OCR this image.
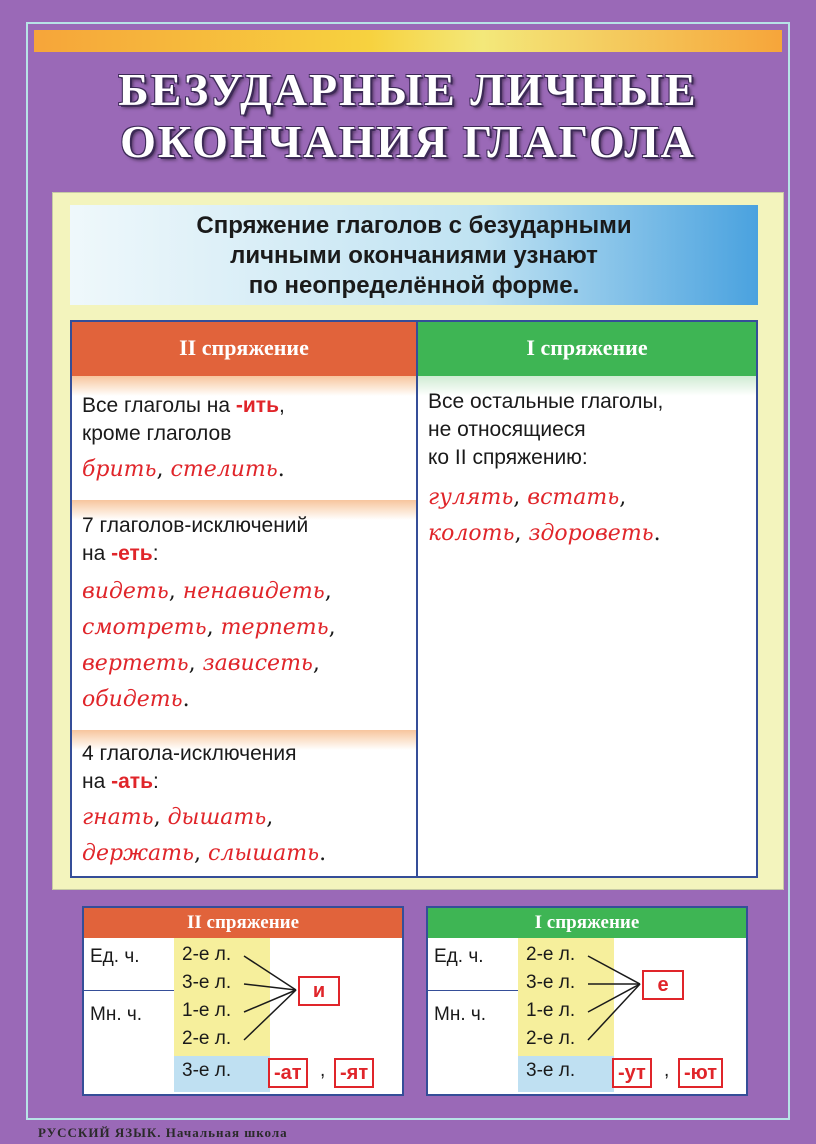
БЕЗУДАРНЫЕ ЛИЧНЫЕ
ОКОНЧАНИЯ ГЛАГОЛА
Спряжение глаголов с безударными
личными окончаниями узнают
по неопределённой форме.
II спряжение	I спряжение
Все глаголы на -ить,
кроме глаголов
брить, стелить.
7 глаголов-исключений
на -еть:
видеть, ненавидеть,
смотреть, терпеть,
вертеть, зависеть,
обидеть.
4 глагола-исключения
на -ать:
гнать, дышать,
держать, слышать.
Все остальные глаголы,
не относящиеся
ко II спряжению:
гулять, встать,
колоть, здороветь.
II спряжение
Ед. ч.
Мн. ч.
2-е л.
3-е л.
1-е л.
2-е л.
3-е л.
и
-ат , -ят
I спряжение
Ед. ч.
Мн. ч.
2-е л.
3-е л.
1-е л.
2-е л.
3-е л.
е
-ут , -ют
РУССКИЙ ЯЗЫК. Начальная школа
